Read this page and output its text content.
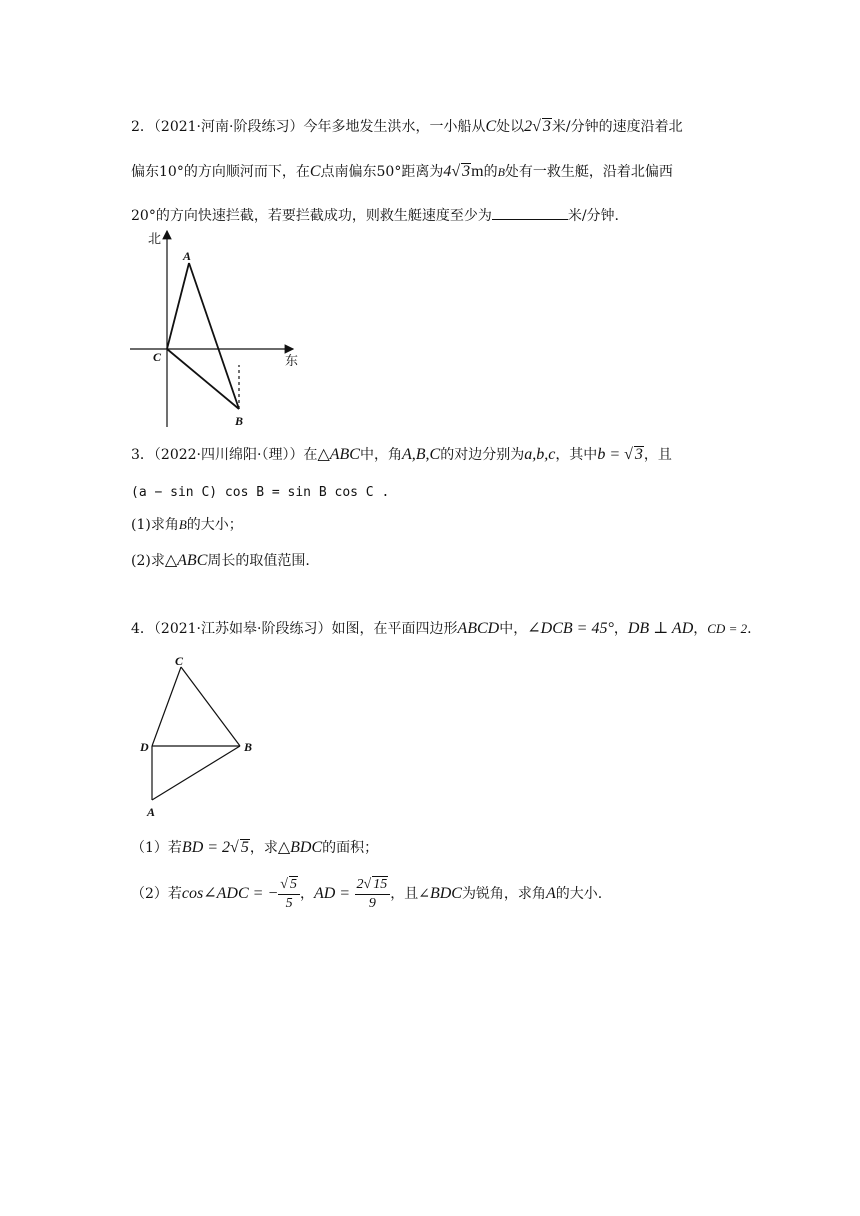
2．（2021·河南·阶段练习）今年多地发生洪水，一小船从C处以2√ 3米/分钟的速度沿着北
偏东10°的方向顺河而下，在C点南偏东50°距离为4√ 3m的B处有一救生艇，沿着北偏西
20°的方向快速拦截，若要拦截成功，则救生艇速度至少为	米/分钟.
北
东
A
C
B
3．（2022·四川绵阳·（理））在△ABC中，角A,B,C的对边分别为a,b,c，其中b = √ 3，且
(a − sin C) cos B = sin B cos C .
(1)求角B的大小；
(2)求△ABC周长的取值范围.
4．（2021·江苏如皋·阶段练习）如图，在平面四边形ABCD中，∠DCB = 45°，DB ⊥ AD，CD = 2.
C
D	B
A
（1）若BD = 2√ 5，求△BDC的面积；
（2）若cos∠ADC = − $\frac{√ 5}{5}$ ，AD = $\frac{2√ 15}{9}$ ，且∠BDC为锐角，求角A的大小.
